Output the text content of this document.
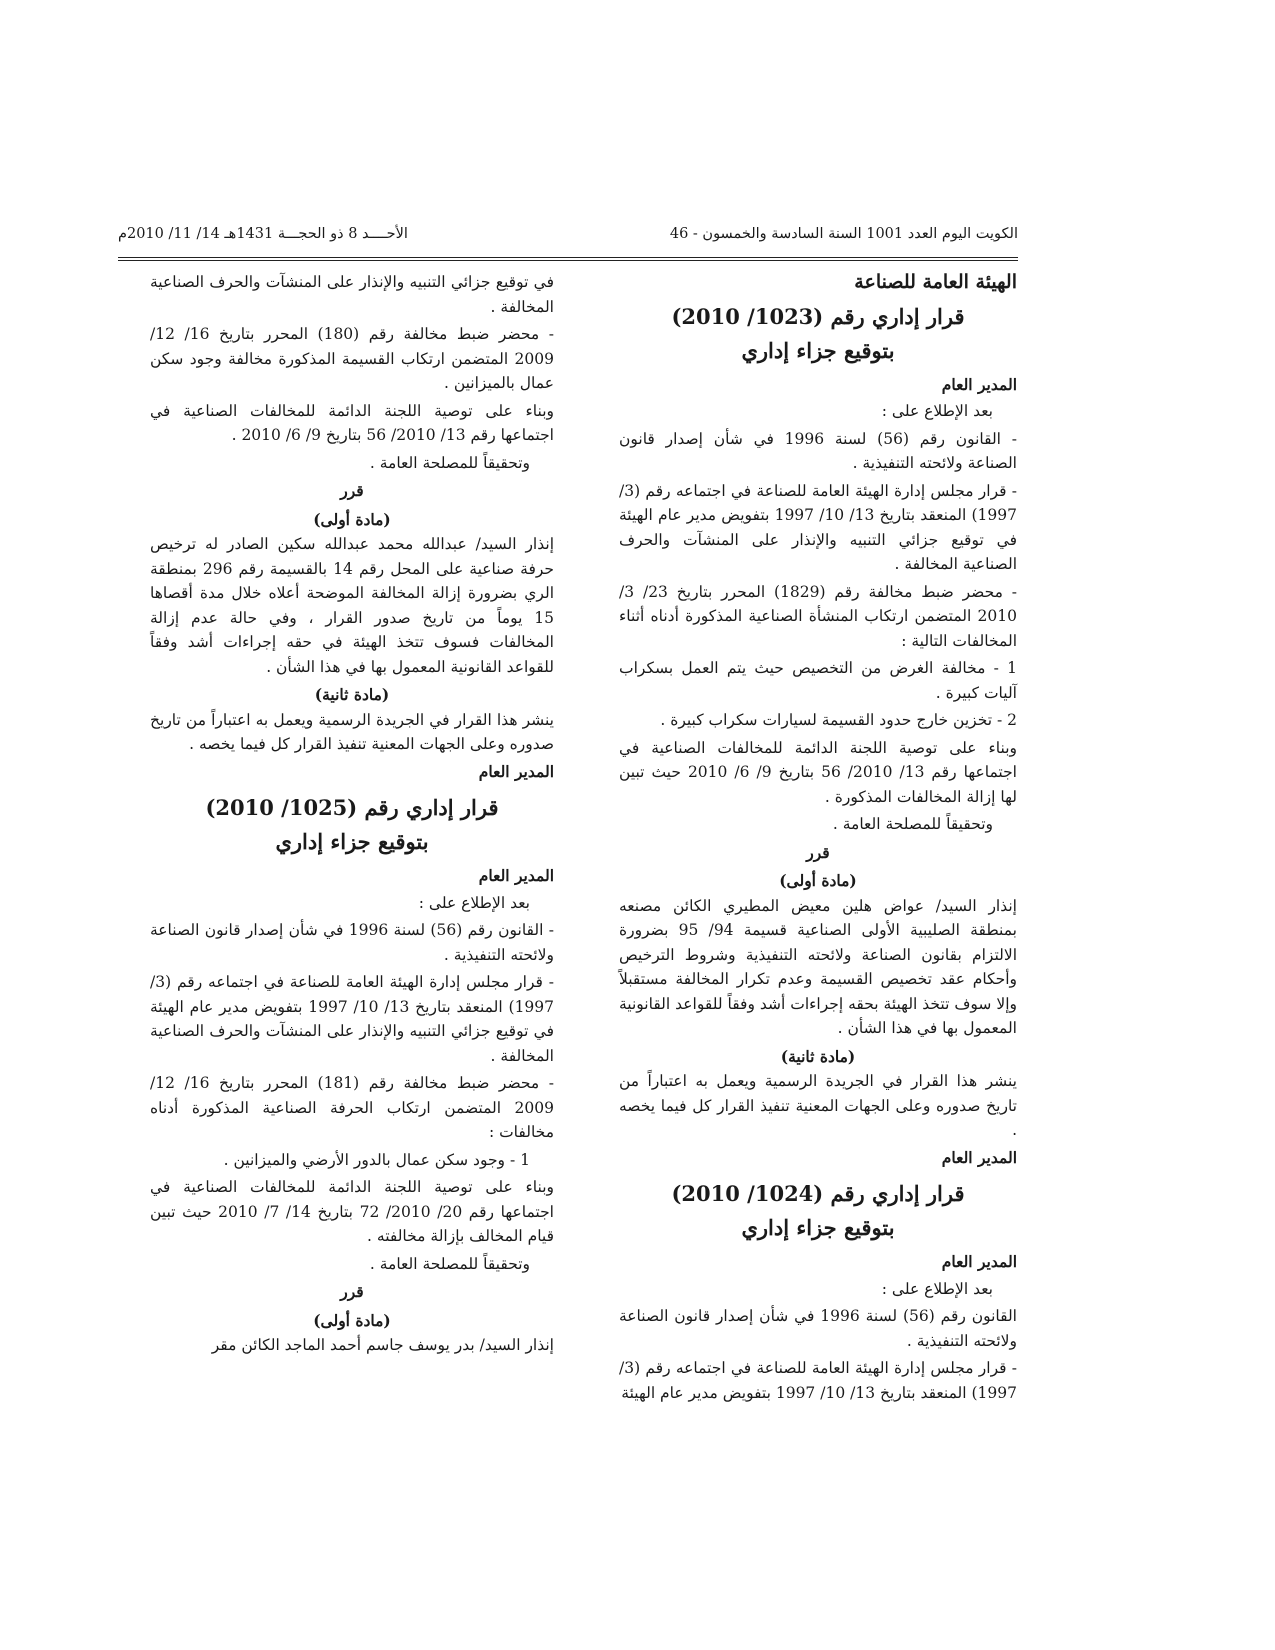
الكويت اليوم العدد 1001 السنة السادسة والخمسون - 46
الأحــــد 8 ذو الحجـــة 1431هـ 14/ 11/ 2010م
الهيئة العامة للصناعة
قرار إداري رقم (1023/ 2010)
بتوقيع جزاء إداري
المدير العام

بعد الإطلاع على :

- القانون رقم (56) لسنة 1996 في شأن إصدار قانون الصناعة ولائحته التنفيذية .

- قرار مجلس إدارة الهيئة العامة للصناعة في اجتماعه رقم (3/ 1997) المنعقد بتاريخ 13/ 10/ 1997 بتفويض مدير عام الهيئة في توقيع جزائي التنبيه والإنذار على المنشآت والحرف الصناعية المخالفة .

- محضر ضبط مخالفة رقم (1829) المحرر بتاريخ 23/ 3/ 2010 المتضمن ارتكاب المنشأة الصناعية المذكورة أدناه أثناء المخالفات التالية :

1 - مخالفة الغرض من التخصيص حيث يتم العمل بسكراب آليات كبيرة .

2 - تخزين خارج حدود القسيمة لسيارات سكراب كبيرة .

وبناء على توصية اللجنة الدائمة للمخالفات الصناعية في اجتماعها رقم 13/ 2010/ 56 بتاريخ 9/ 6/ 2010 حيث تبين لها إزالة المخالفات المذكورة .

وتحقيقاً للمصلحة العامة .

قرر
(مادة أولى)

إنذار السيد/ عواض هلين معيض المطيري الكائن مصنعه بمنطقة الصليبية الأولى الصناعية قسيمة 94/ 95 بضرورة الالتزام بقانون الصناعة ولائحته التنفيذية وشروط الترخيص وأحكام عقد تخصيص القسيمة وعدم تكرار المخالفة مستقبلاً وإلا سوف تتخذ الهيئة بحقه إجراءات أشد وفقاً للقواعد القانونية المعمول بها في هذا الشأن .

(مادة ثانية)

ينشر هذا القرار في الجريدة الرسمية ويعمل به اعتباراً من تاريخ صدوره وعلى الجهات المعنية تنفيذ القرار كل فيما يخصه .

المدير العام
قرار إداري رقم (1024/ 2010)
بتوقيع جزاء إداري
المدير العام

بعد الإطلاع على :

القانون رقم (56) لسنة 1996 في شأن إصدار قانون الصناعة ولائحته التنفيذية .

- قرار مجلس إدارة الهيئة العامة للصناعة في اجتماعه رقم (3/ 1997) المنعقد بتاريخ 13/ 10/ 1997 بتفويض مدير عام الهيئة

في توقيع جزائي التنبيه والإنذار على المنشآت والحرف الصناعية المخالفة .

- محضر ضبط مخالفة رقم (180) المحرر بتاريخ 16/ 12/ 2009 المتضمن ارتكاب القسيمة المذكورة مخالفة وجود سكن عمال بالميزانين .

وبناء على توصية اللجنة الدائمة للمخالفات الصناعية في اجتماعها رقم 13/ 2010/ 56 بتاريخ 9/ 6/ 2010 .

وتحقيقاً للمصلحة العامة .

قرر
(مادة أولى)

إنذار السيد/ عبدالله محمد عبدالله سكين الصادر له ترخيص حرفة صناعية على المحل رقم 14 بالقسيمة رقم 296 بمنطقة الري بضرورة إزالة المخالفة الموضحة أعلاه خلال مدة أقصاها 15 يوماً من تاريخ صدور القرار ، وفي حالة عدم إزالة المخالفات فسوف تتخذ الهيئة في حقه إجراءات أشد وفقاً للقواعد القانونية المعمول بها في هذا الشأن .

(مادة ثانية)

ينشر هذا القرار في الجريدة الرسمية ويعمل به اعتباراً من تاريخ صدوره وعلى الجهات المعنية تنفيذ القرار كل فيما يخصه .

المدير العام
قرار إداري رقم (1025/ 2010)
بتوقيع جزاء إداري
المدير العام

بعد الإطلاع على :

- القانون رقم (56) لسنة 1996 في شأن إصدار قانون الصناعة ولائحته التنفيذية .

- قرار مجلس إدارة الهيئة العامة للصناعة في اجتماعه رقم (3/ 1997) المنعقد بتاريخ 13/ 10/ 1997 بتفويض مدير عام الهيئة في توقيع جزائي التنبيه والإنذار على المنشآت والحرف الصناعية المخالفة .

- محضر ضبط مخالفة رقم (181) المحرر بتاريخ 16/ 12/ 2009 المتضمن ارتكاب الحرفة الصناعية المذكورة أدناه مخالفات :

1 - وجود سكن عمال بالدور الأرضي والميزانين .

وبناء على توصية اللجنة الدائمة للمخالفات الصناعية في اجتماعها رقم 20/ 2010/ 72 بتاريخ 14/ 7/ 2010 حيث تبين قيام المخالف بإزالة مخالفته .

وتحقيقاً للمصلحة العامة .

قرر
(مادة أولى)

إنذار السيد/ بدر يوسف جاسم أحمد الماجد الكائن مقر
